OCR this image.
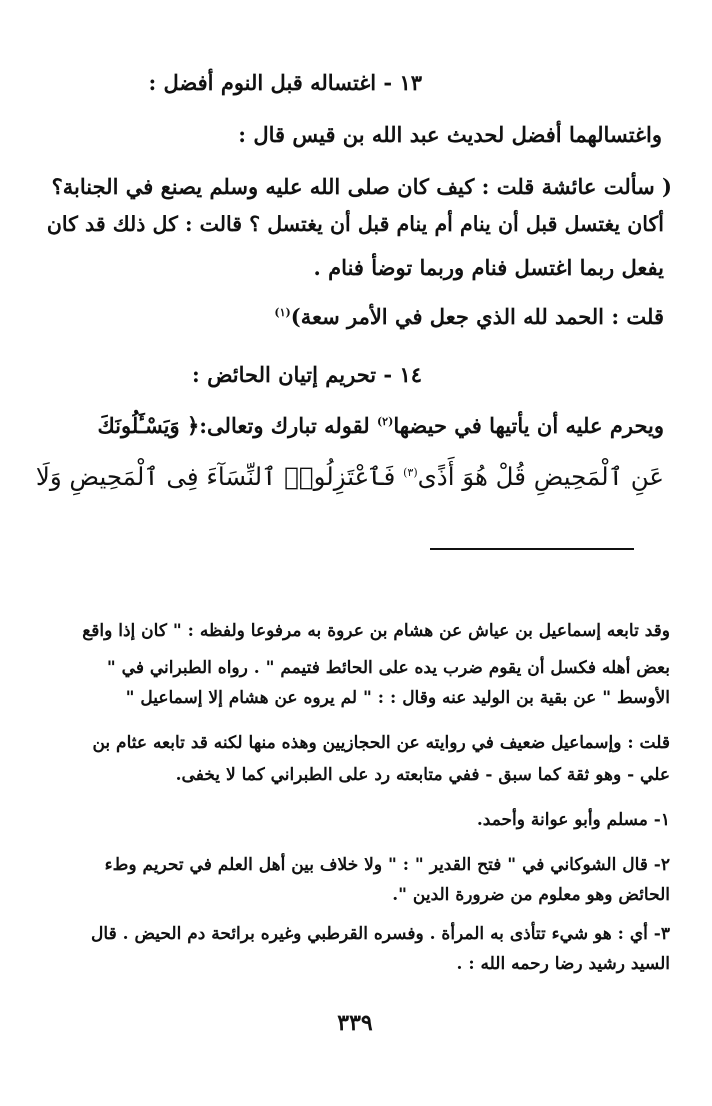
١٣ - اغتساله قبل النوم أفضل :
واغتسالهما أفضل لحديث عبد الله بن قيس قال :
( سألت عائشة قلت : كيف كان صلى الله عليه وسلم يصنع في الجنابة؟
أكان يغتسل قبل أن ينام أم ينام قبل أن يغتسل ؟ قالت : كل ذلك قد كان
يفعل ربما اغتسل فنام وربما توضأ فنام .
قلت : الحمد لله الذي جعل في الأمر سعة)$^{(١)}$
١٤ - تحريم إتيان الحائض :
ويحرم عليه أن يأتيها في حيضها$^{(٢)}$ لقوله تبارك وتعالى:﴿ وَيَسْـَٔلُونَكَ
عَنِ ٱلْمَحِيضِ قُلْ هُوَ أَذًى$^{(٣)}$ فَٱعْتَزِلُوا۟ ٱلنِّسَآءَ فِى ٱلْمَحِيضِ وَلَا
وقد تابعه إسماعيل بن عياش عن هشام بن عروة به مرفوعا ولفظه : " كان إذا واقع
بعض أهله فكسل أن يقوم ضرب يده على الحائط فتيمم " . رواه الطبراني في "
الأوسط " عن بقية بن الوليد عنه وقال : : " لم يروه عن هشام إلا إسماعيل "
قلت : وإسماعيل ضعيف في روايته عن الحجازيين وهذه منها لكنه قد تابعه عثام بن
علي - وهو ثقة كما سبق - ففي متابعته رد على الطبراني كما لا يخفى.
١- مسلم وأبو عوانة وأحمد.
٢- قال الشوكاني في " فتح القدير " : " ولا خلاف بين أهل العلم في تحريم وطء
الحائض وهو معلوم من ضرورة الدين ".
٣- أي : هو شيء تتأذى به المرأة . وفسره القرطبي وغيره برائحة دم الحيض . قال
السيد رشيد رضا رحمه الله : .
٣٣٩
